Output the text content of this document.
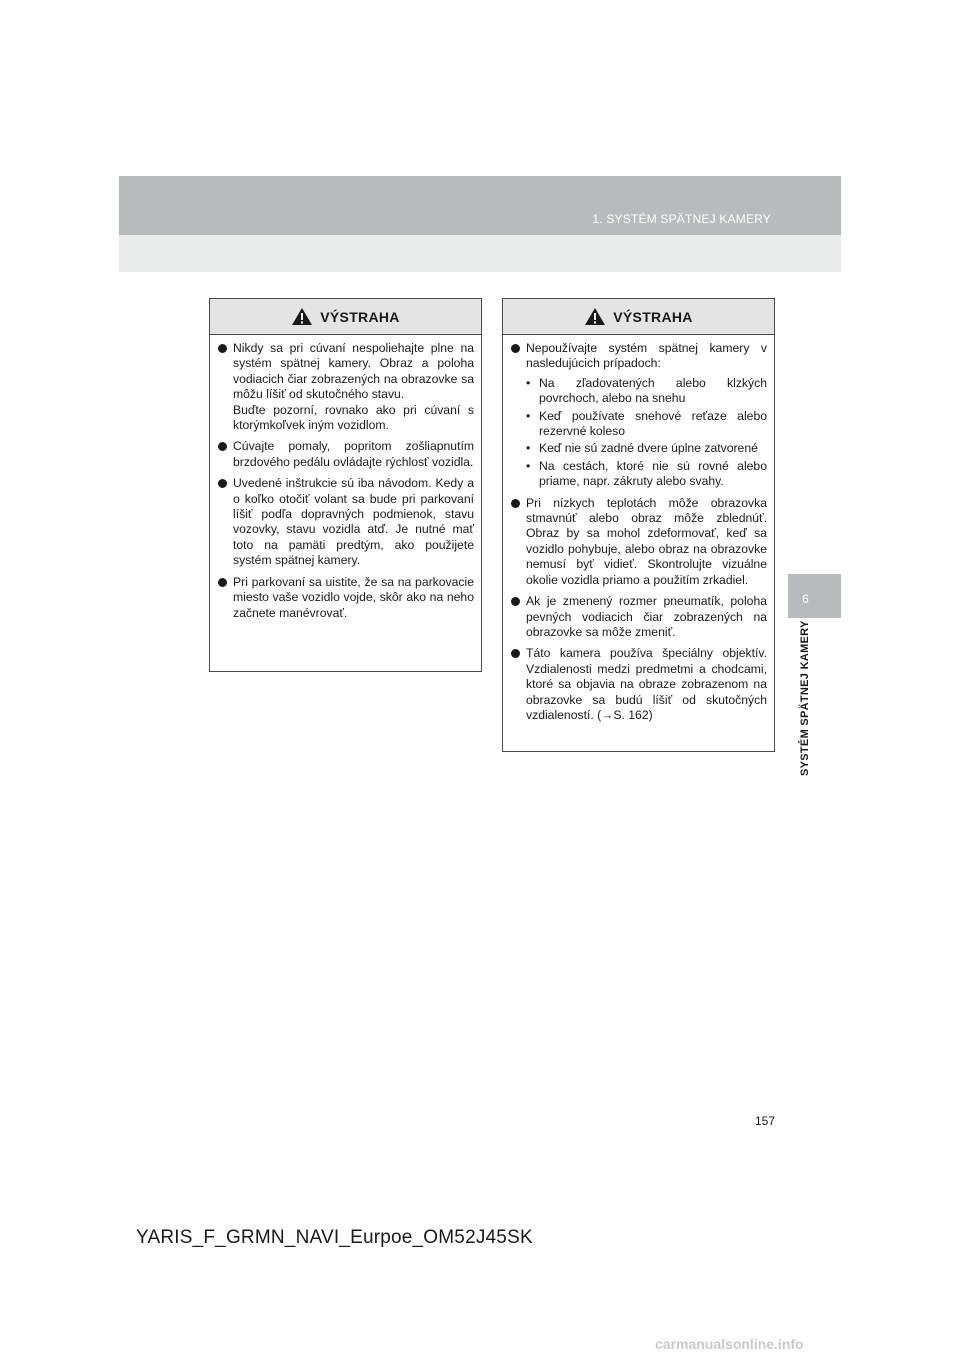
1. SYSTÉM SPÄTNEJ KAMERY
6
SYSTÉM SPÄTNEJ KAMERY
VÝSTRAHA

Nikdy sa pri cúvaní nespoliehajte plne na systém spätnej kamery. Obraz a poloha vodiacich čiar zobrazených na obrazovke sa môžu líšiť od skutočného stavu.

Buďte pozorní, rovnako ako pri cúvaní s ktorýmkoľvek iným vozidlom.

Cúvajte pomaly, popritom zošliapnutím brzdového pedálu ovládajte rýchlosť vozidla.

Uvedené inštrukcie sú iba návodom. Kedy a o koľko otočiť volant sa bude pri parkovaní líšiť podľa dopravných podmienok, stavu vozovky, stavu vozidla atď. Je nutné mať toto na pamäti predtým, ako použijete systém spätnej kamery.

Pri parkovaní sa uistite, že sa na parkovacie miesto vaše vozidlo vojde, skôr ako na neho začnete manévrovať.

VÝSTRAHA

Nepoužívajte systém spätnej kamery v nasledujúcich prípadoch:

• Na zľadovatených alebo klzkých povrchoch, alebo na snehu
• Keď používate snehové reťaze alebo rezervné koleso
• Keď nie sú zadné dvere úplne zatvorené
• Na cestách, ktoré nie sú rovné alebo priame, napr. zákruty alebo svahy.

Pri nízkych teplotách môže obrazovka stmavnúť alebo obraz môže zblednúť. Obraz by sa mohol zdeformovať, keď sa vozidlo pohybuje, alebo obraz na obrazovke nemusí byť vidieť. Skontrolujte vizuálne okolie vozidla priamo a použitím zrkadiel.

Ak je zmenený rozmer pneumatík, poloha pevných vodiacich čiar zobrazených na obrazovke sa môže zmeniť.

Táto kamera používa špeciálny objektív. Vzdialenosti medzi predmetmi a chodcami, ktoré sa objavia na obraze zobrazenom na obrazovke sa budú líšiť od skutočných vzdialeností. (→S. 162)

157
YARIS_F_GRMN_NAVI_Eurpoe_OM52J45SK
carmanualsonline.info
